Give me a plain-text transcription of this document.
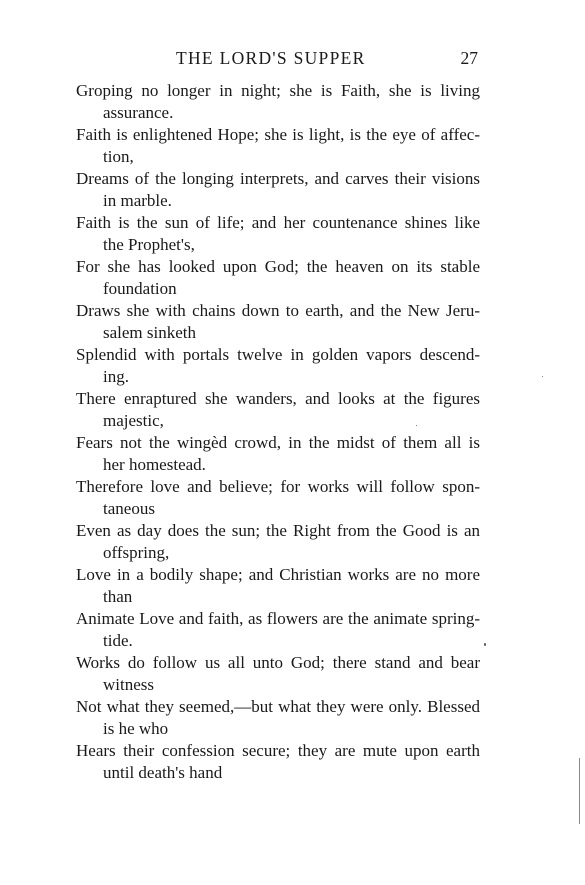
THE LORD'S SUPPER	27
Groping no longer in night; she is Faith, she is living
assurance.
Faith is enlightened Hope; she is light, is the eye of affec-
tion,
Dreams of the longing interprets, and carves their visions
in marble.
Faith is the sun of life; and her countenance shines like
the Prophet's,
For she has looked upon God; the heaven on its stable
foundation
Draws she with chains down to earth, and the New Jeru-
salem sinketh
Splendid with portals twelve in golden vapors descend-
ing.
There enraptured she wanders, and looks at the figures
majestic,
Fears not the wingèd crowd, in the midst of them all is
her homestead.
Therefore love and believe; for works will follow spon-
taneous
Even as day does the sun; the Right from the Good is an
offspring,
Love in a bodily shape; and Christian works are no more
than
Animate Love and faith, as flowers are the animate spring-
tide.
Works do follow us all unto God; there stand and bear
witness
Not what they seemed,—but what they were only. Blessed
is he who
Hears their confession secure; they are mute upon earth
until death's hand
